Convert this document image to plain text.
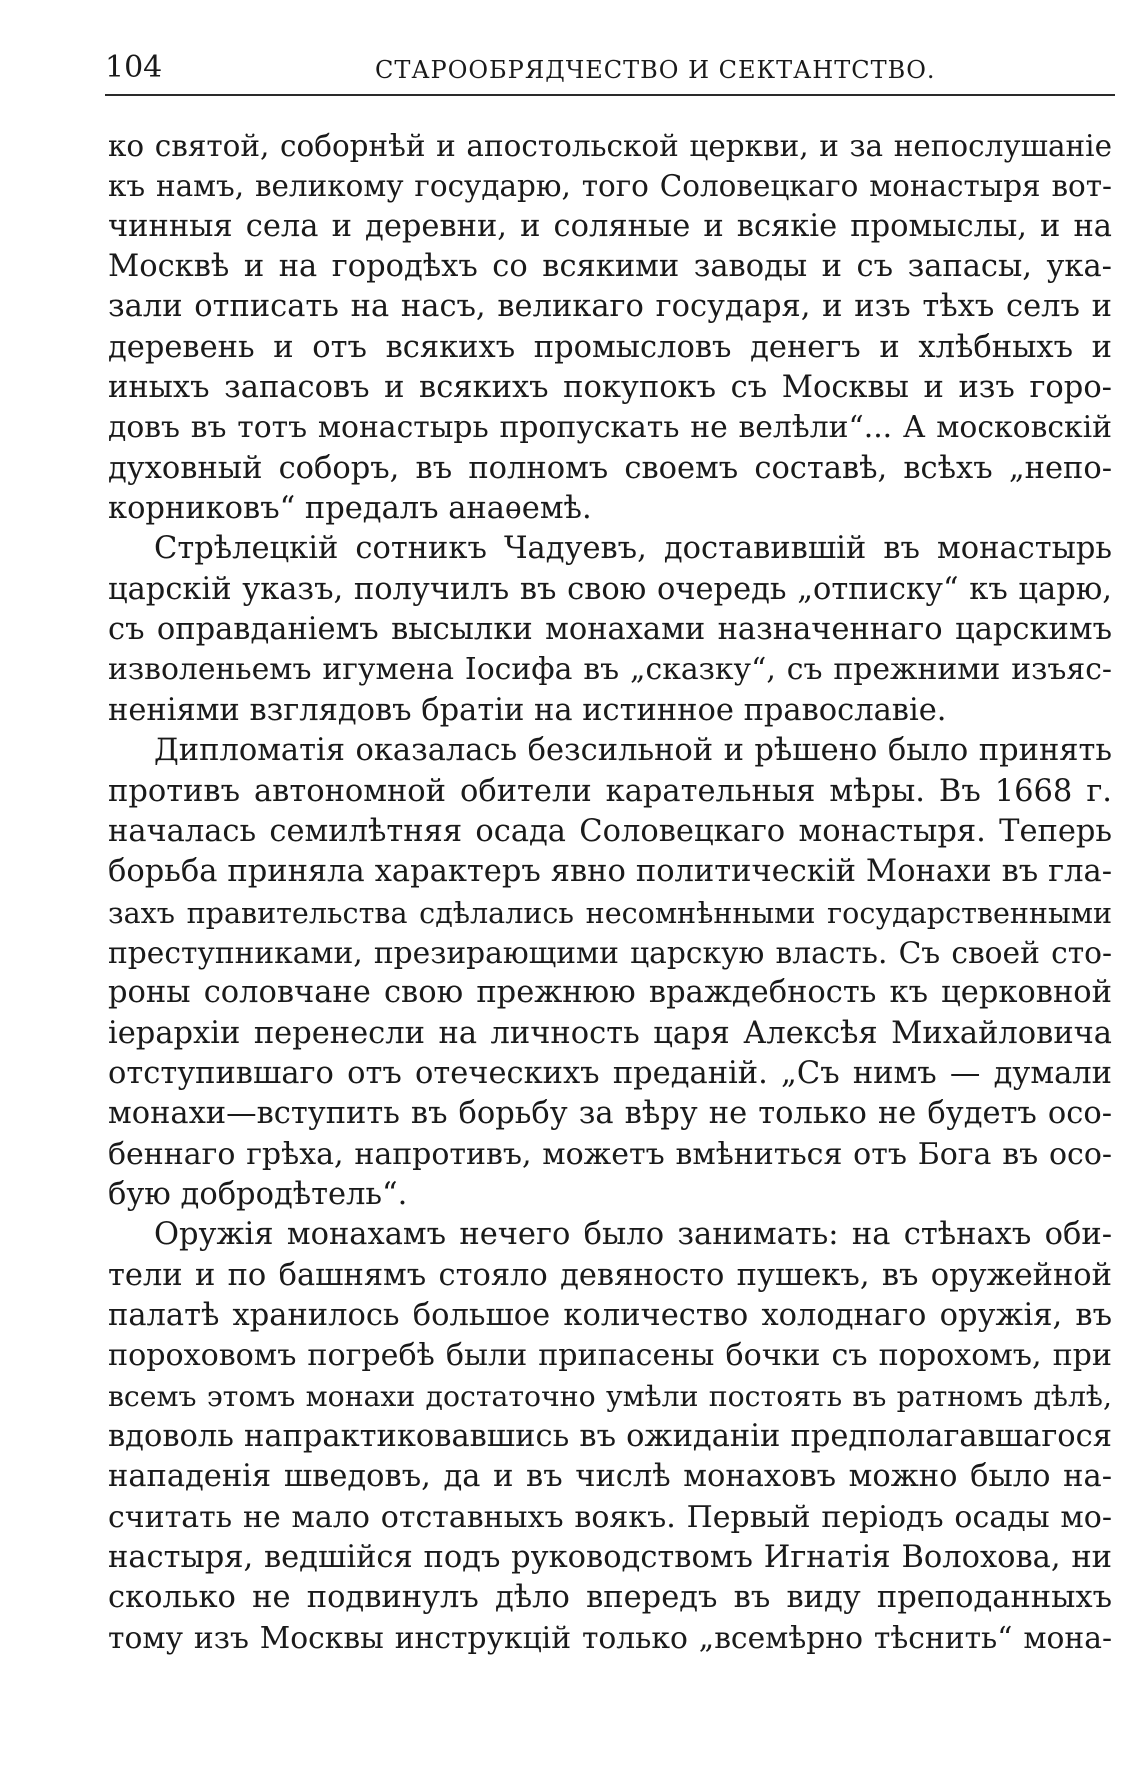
104	СТАРООБРЯДЧЕСТВО И СЕКТАНТСТВО.
ко святой, соборнѣй и апостольской церкви, и за непослушаніе
къ намъ, великому государю, того Соловецкаго монастыря вот-
чинныя села и деревни, и соляные и всякіе промыслы, и на
Москвѣ и на городѣхъ со всякими заводы и съ запасы, ука-
зали отписать на насъ, великаго государя, и изъ тѣхъ селъ и
деревень и отъ всякихъ промысловъ денегъ и хлѣбныхъ и
иныхъ запасовъ и всякихъ покупокъ съ Москвы и изъ горо-
довъ въ тотъ монастырь пропускать не велѣли“... А московскій
духовный соборъ, въ полномъ своемъ составѣ, всѣхъ „непо-
корниковъ“ предалъ анаѳемѣ.
Стрѣлецкій сотникъ Чадуевъ, доставившій въ монастырь
царскій указъ, получилъ въ свою очередь „отписку“ къ царю,
съ оправданіемъ высылки монахами назначеннаго царскимъ
изволеньемъ игумена Іосифа въ „сказку“, съ прежними изъяс-
неніями взглядовъ братіи на истинное православіе.
Дипломатія оказалась безсильной и рѣшено было принять
противъ автономной обители карательныя мѣры. Въ 1668 г.
началась семилѣтняя осада Соловецкаго монастыря. Теперь
борьба приняла характеръ явно политическій Монахи въ гла-
захъ правительства сдѣлались несомнѣнными государственными
преступниками, презирающими царскую власть. Съ своей сто-
роны соловчане свою прежнюю враждебность къ церковной
іерархіи перенесли на личность царя Алексѣя Михайловича
отступившаго отъ отеческихъ преданій. „Съ нимъ — думали
монахи—вступить въ борьбу за вѣру не только не будетъ осо-
беннаго грѣха, напротивъ, можетъ вмѣниться отъ Бога въ осо-
бую добродѣтель“.
Оружія монахамъ нечего было занимать: на стѣнахъ оби-
тели и по башнямъ стояло девяносто пушекъ, въ оружейной
палатѣ хранилось большое количество холоднаго оружія, въ
пороховомъ погребѣ были припасены бочки съ порохомъ, при
всемъ этомъ монахи достаточно умѣли постоять въ ратномъ дѣлѣ,
вдоволь напрактиковавшись въ ожиданіи предполагавшагося
нападенія шведовъ, да и въ числѣ монаховъ можно было на-
считать не мало отставныхъ воякъ. Первый періодъ осады мо-
настыря, ведшійся подъ руководствомъ Игнатія Волохова, ни
сколько не подвинулъ дѣло впередъ въ виду преподанныхъ
тому изъ Москвы инструкцій только „всемѣрно тѣснить“ мона-
